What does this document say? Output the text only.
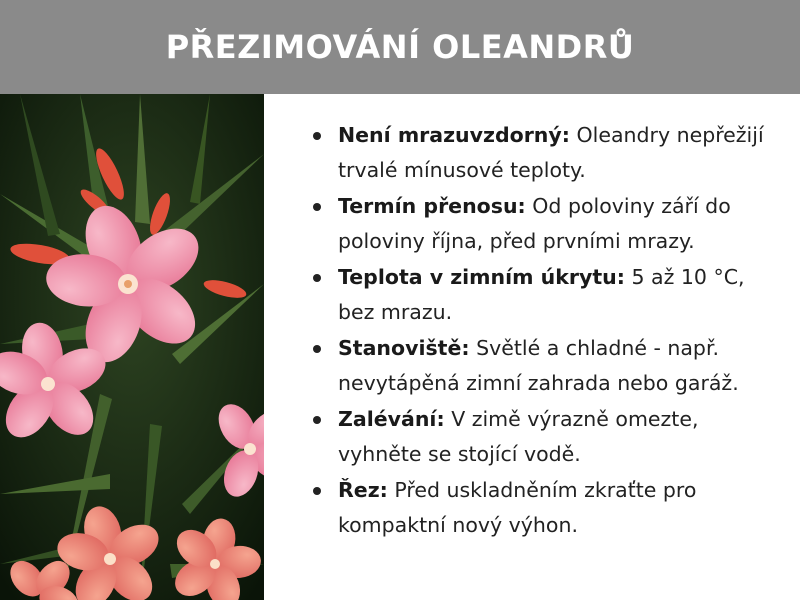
PŘEZIMOVÁNÍ OLEANDRŮ
Není mrazuvzdorný: Oleandry nepřežijí trvalé mínusové teploty.
Termín přenosu: Od poloviny září do poloviny října, před prvními mrazy.
Teplota v zimním úkrytu: 5 až 10 °C, bez mrazu.
Stanoviště: Světlé a chladné - např. nevytápěná zimní zahrada nebo garáž.
Zalévání: V zimě výrazně omezte, vyhněte se stojící vodě.
Řez: Před uskladněním zkraťte pro kompaktní nový výhon.
